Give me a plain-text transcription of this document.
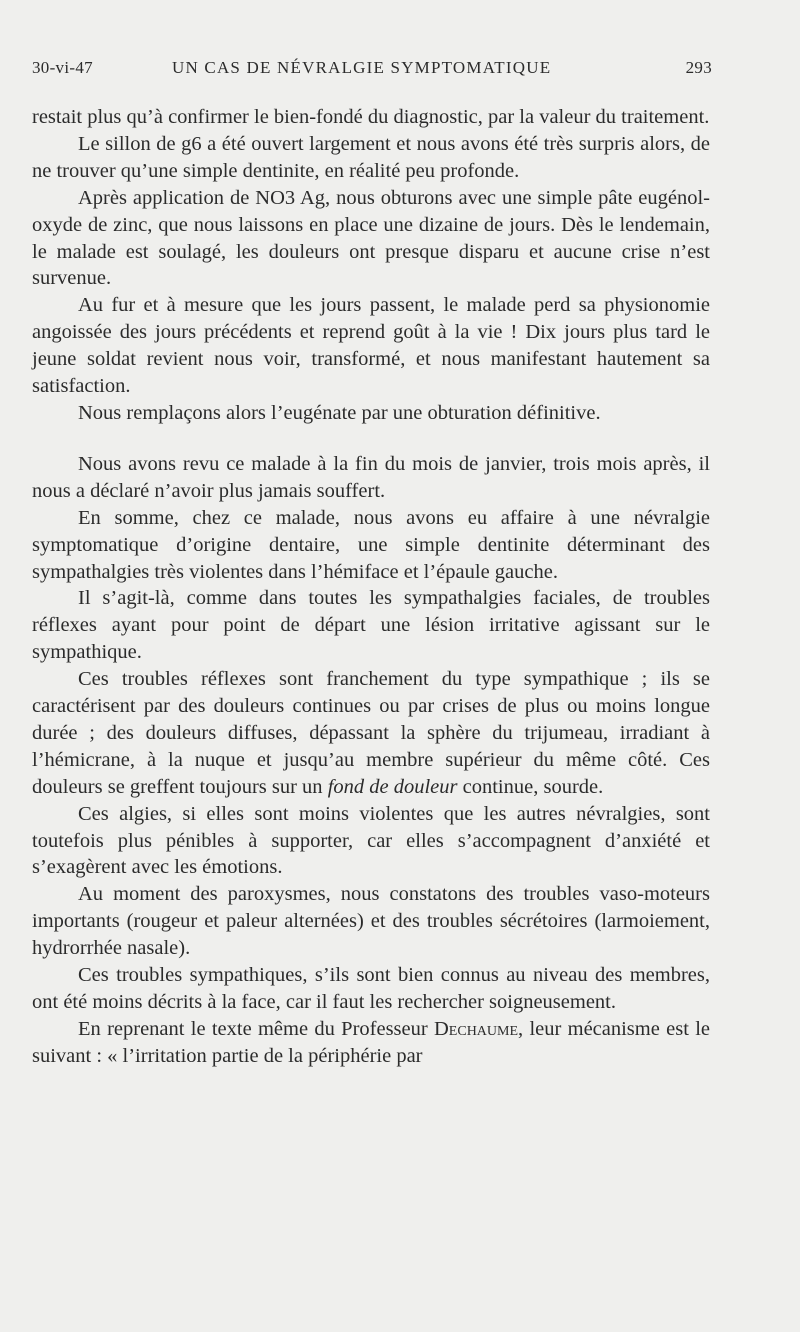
30-vi-47	UN CAS DE NÉVRALGIE SYMPTOMATIQUE	293

restait plus qu’à confirmer le bien-fondé du diagnostic, par la valeur du traitement.

Le sillon de g6 a été ouvert largement et nous avons été très surpris alors, de ne trouver qu’une simple dentinite, en réalité peu profonde.

Après application de NO3 Ag, nous obturons avec une simple pâte eugénol-oxyde de zinc, que nous laissons en place une dizaine de jours. Dès le lendemain, le malade est soulagé, les douleurs ont presque disparu et aucune crise n’est survenue.

Au fur et à mesure que les jours passent, le malade perd sa physionomie angoissée des jours précédents et reprend goût à la vie ! Dix jours plus tard le jeune soldat revient nous voir, transformé, et nous manifestant hautement sa satisfaction.

Nous remplaçons alors l’eugénate par une obturation définitive.

Nous avons revu ce malade à la fin du mois de janvier, trois mois après, il nous a déclaré n’avoir plus jamais souffert.

En somme, chez ce malade, nous avons eu affaire à une névralgie symptomatique d’origine dentaire, une simple dentinite déterminant des sympathalgies très violentes dans l’hémiface et l’épaule gauche.

Il s’agit-là, comme dans toutes les sympathalgies faciales, de troubles réflexes ayant pour point de départ une lésion irritative agissant sur le sympathique.

Ces troubles réflexes sont franchement du type sympathique ; ils se caractérisent par des douleurs continues ou par crises de plus ou moins longue durée ; des douleurs diffuses, dépassant la sphère du trijumeau, irradiant à l’hémicrane, à la nuque et jusqu’au membre supérieur du même côté. Ces douleurs se greffent toujours sur un fond de douleur continue, sourde.

Ces algies, si elles sont moins violentes que les autres névralgies, sont toutefois plus pénibles à supporter, car elles s’accompagnent d’anxiété et s’exagèrent avec les émotions.

Au moment des paroxysmes, nous constatons des troubles vaso-moteurs importants (rougeur et paleur alternées) et des troubles sécrétoires (larmoiement, hydrorrhée nasale).

Ces troubles sympathiques, s’ils sont bien connus au niveau des membres, ont été moins décrits à la face, car il faut les rechercher soigneusement.

En reprenant le texte même du Professeur Dechaume, leur mécanisme est le suivant : « l’irritation partie de la périphérie par
